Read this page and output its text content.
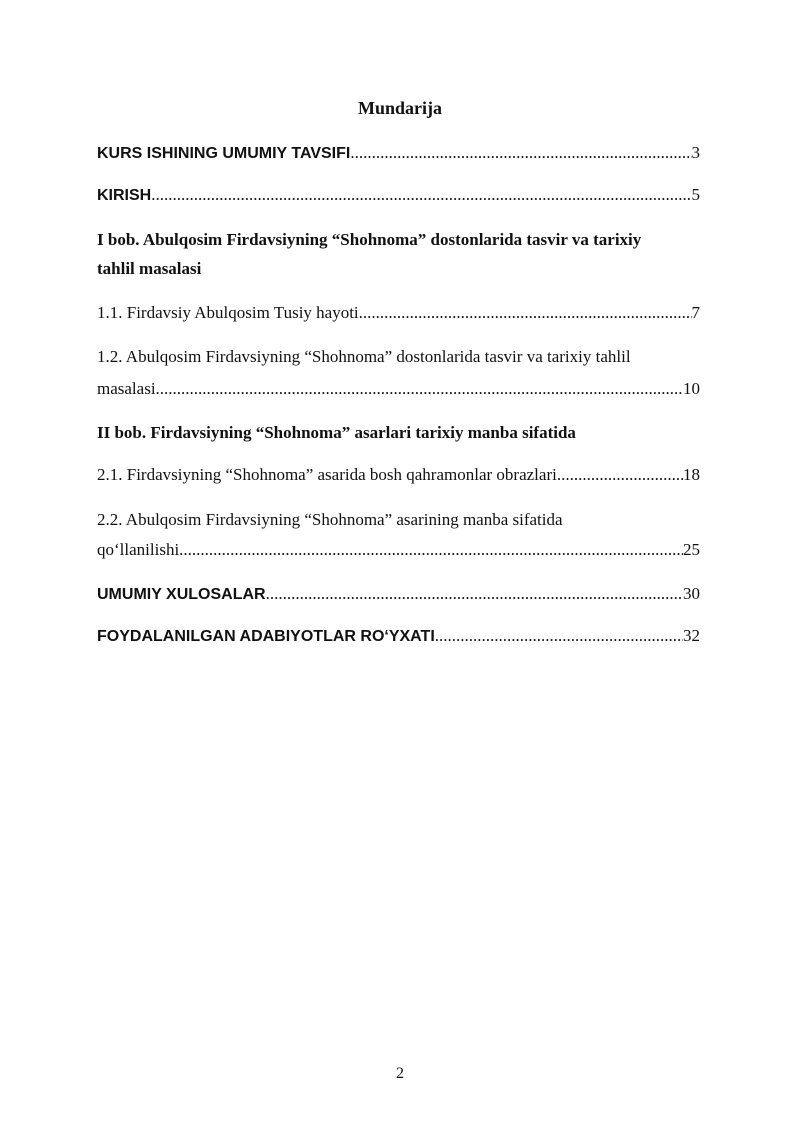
Mundarija
KURS ISHINING UMUMIY TAVSIFI .....	3
KIRISH .....	5
I bob. Abulqosim Firdavsiyning “Shohnoma” dostonlarida tasvir va tarixiy
tahlil masalasi
1.1. Firdavsiy Abulqosim Tusiy hayoti .....	7
1.2. Abulqosim Firdavsiyning “Shohnoma” dostonlarida tasvir va tarixiy tahlil
masalasi .....	10
II bob. Firdavsiyning “Shohnoma” asarlari tarixiy manba sifatida
2.1. Firdavsiyning “Shohnoma” asarida bosh qahramonlar obrazlari .....	18
2.2. Abulqosim Firdavsiyning “Shohnoma” asarining manba sifatida
qo‘llanilishi .....	25
UMUMIY XULOSALAR .....	30
FOYDALANILGAN ADABIYOTLAR RO‘YXATI .....	32
2
